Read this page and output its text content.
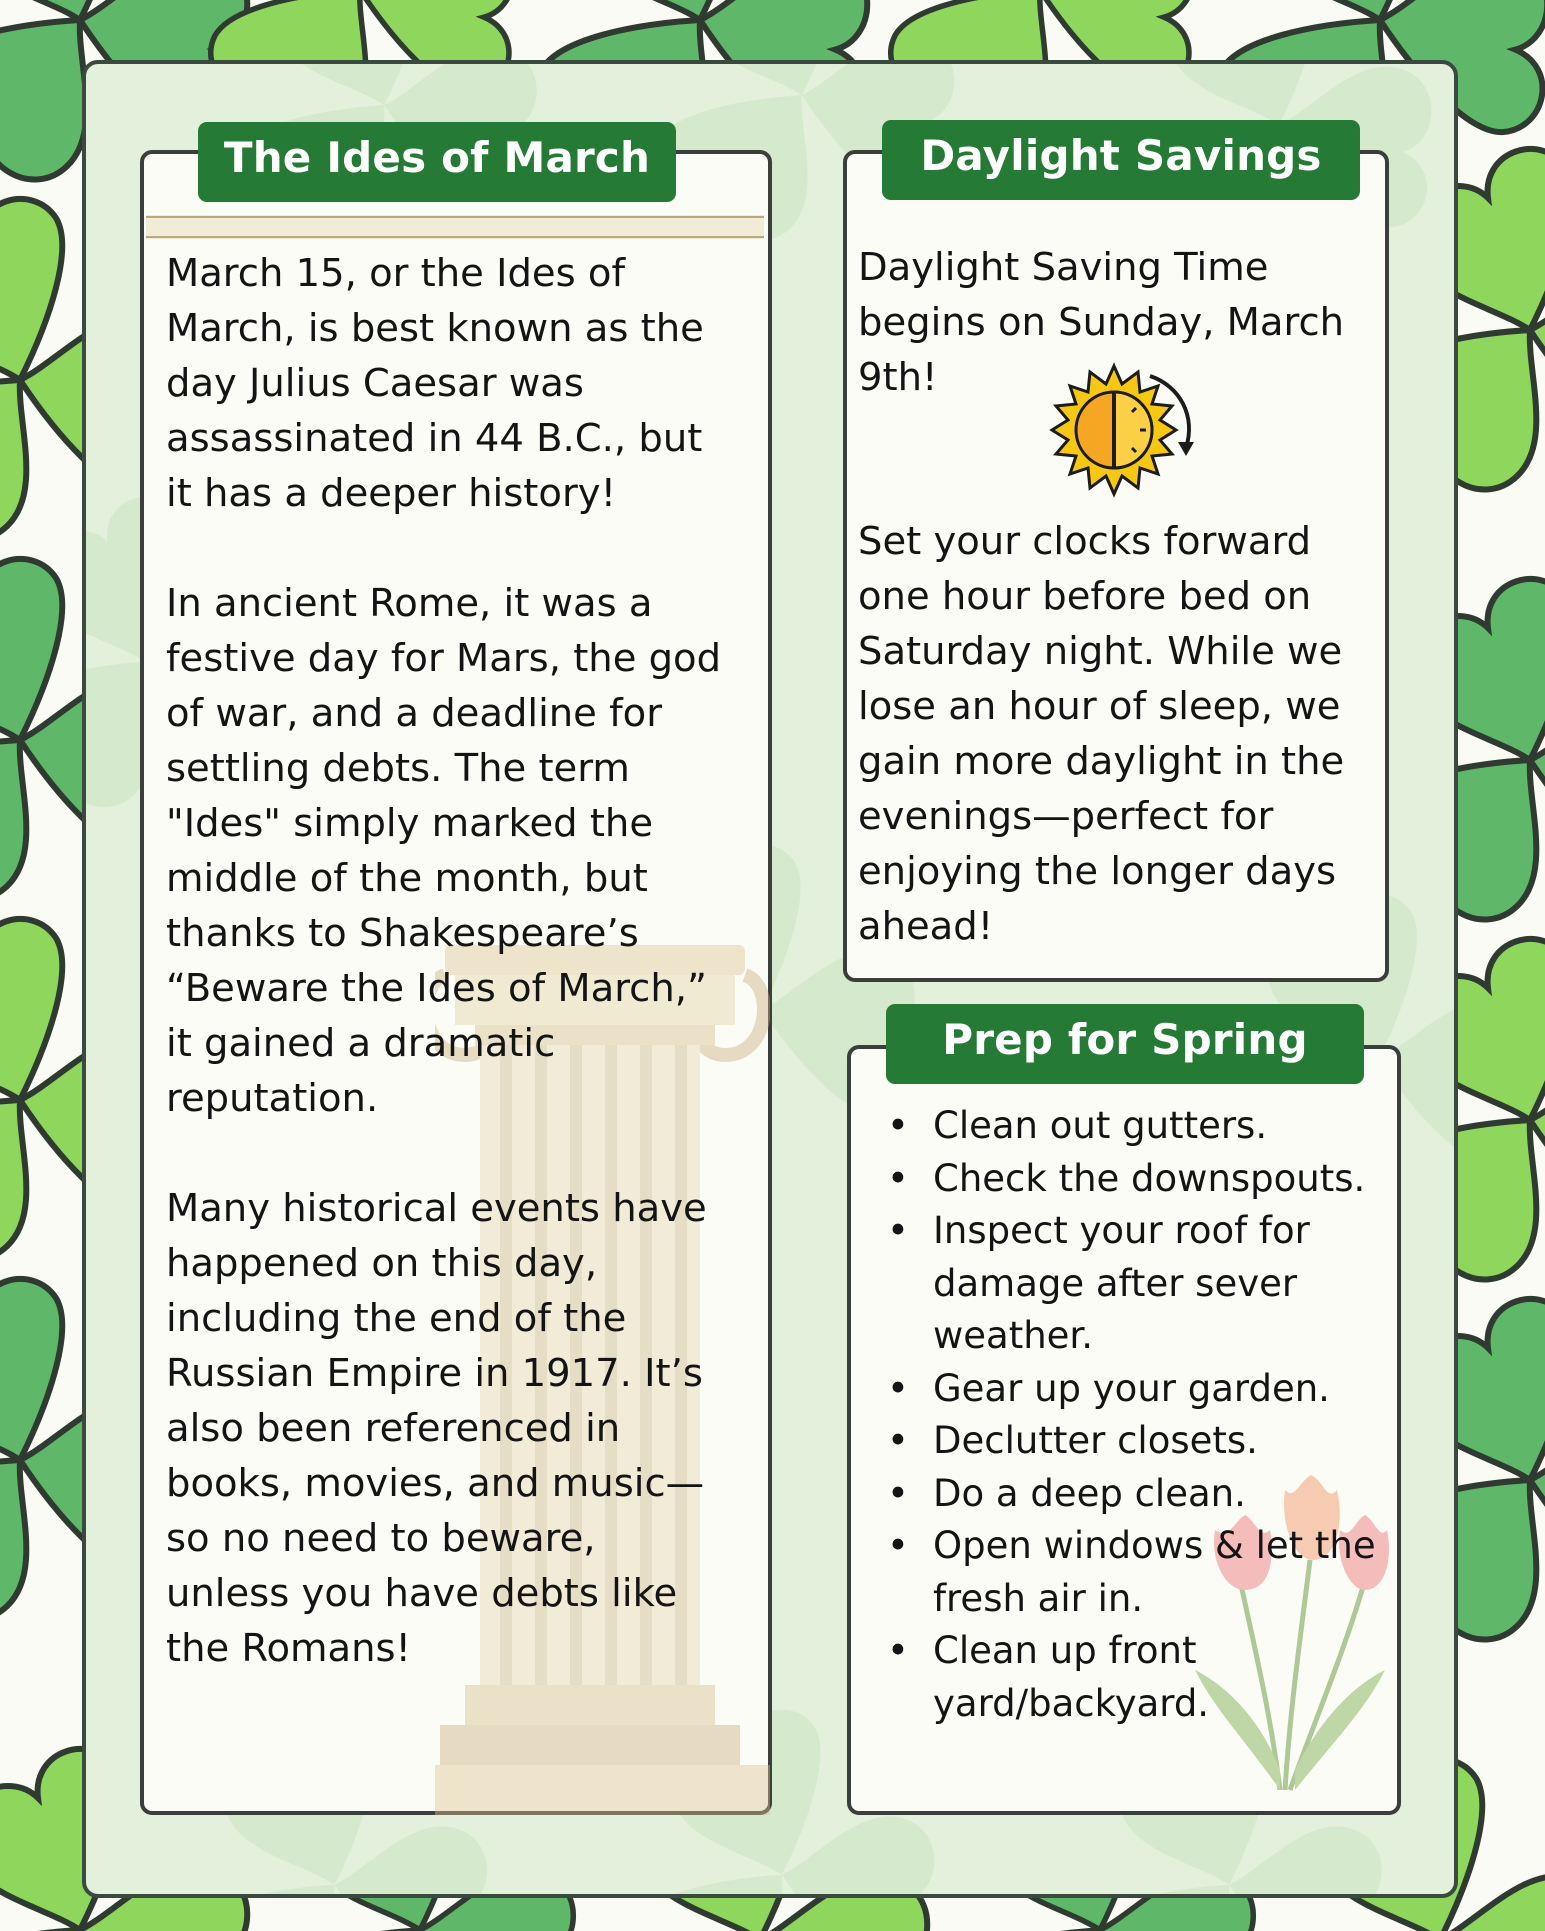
The Ides of March

March 15, or the Ides of March, is best known as the day Julius Caesar was assassinated in 44 B.C., but it has a deeper history!

In ancient Rome, it was a festive day for Mars, the god of war, and a deadline for settling debts. The term "Ides" simply marked the middle of the month, but thanks to Shakespeare’s “Beware the Ides of March,” it gained a dramatic reputation.

Many historical events have happened on this day, including the end of the Russian Empire in 1917. It’s also been referenced in books, movies, and music—so no need to beware, unless you have debts like the Romans!

Daylight Savings
Daylight Saving Time begins on Sunday, March 9th!
Set your clocks forward one hour before bed on Saturday night. While we lose an hour of sleep, we gain more daylight in the evenings—perfect for enjoying the longer days ahead!
Prep for Spring
• Clean out gutters.
• Check the downspouts.
• Inspect your roof for damage after sever weather.
• Gear up your garden.
• Declutter closets.
• Do a deep clean.
• Open windows & let the fresh air in.
• Clean up front yard/backyard.
